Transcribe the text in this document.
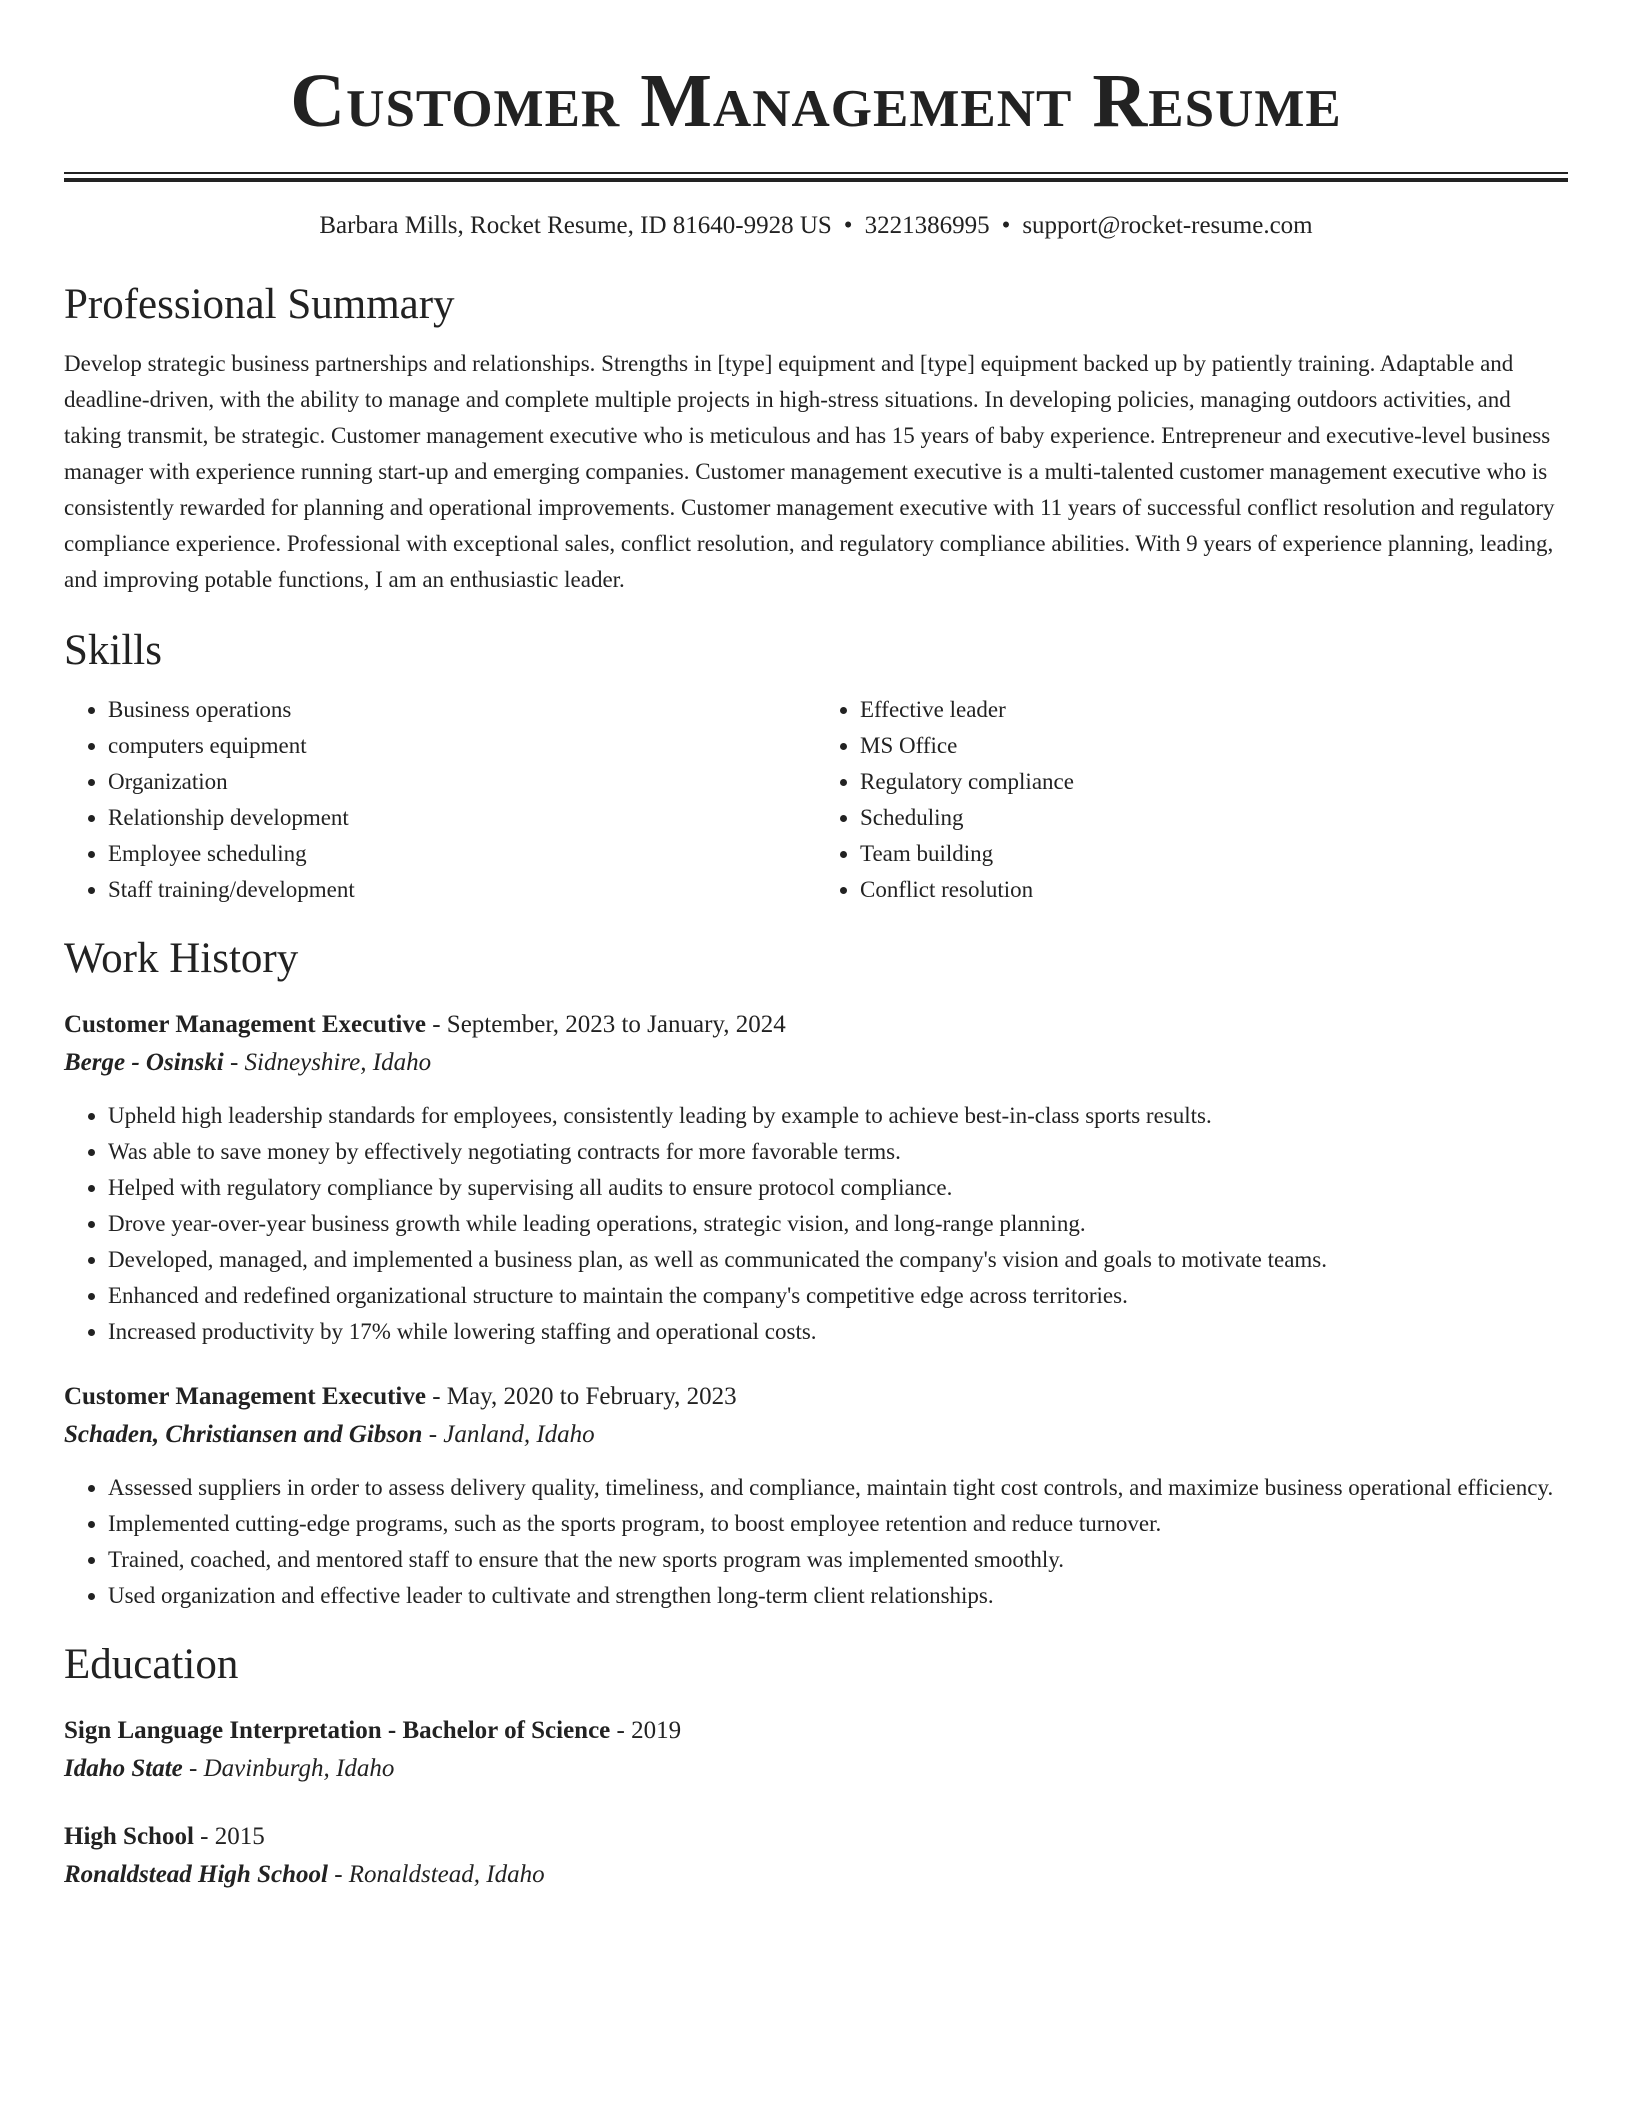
Customer Management Resume
Barbara Mills, Rocket Resume, ID 81640-9928 US • 3221386995 • support@rocket-resume.com
Professional Summary
Develop strategic business partnerships and relationships. Strengths in [type] equipment and [type] equipment backed up by patiently training. Adaptable and deadline-driven, with the ability to manage and complete multiple projects in high-stress situations. In developing policies, managing outdoors activities, and taking transmit, be strategic. Customer management executive who is meticulous and has 15 years of baby experience. Entrepreneur and executive-level business manager with experience running start-up and emerging companies. Customer management executive is a multi-talented customer management executive who is consistently rewarded for planning and operational improvements. Customer management executive with 11 years of successful conflict resolution and regulatory compliance experience. Professional with exceptional sales, conflict resolution, and regulatory compliance abilities. With 9 years of experience planning, leading, and improving potable functions, I am an enthusiastic leader.
Skills
• Business operations
• computers equipment
• Organization
• Relationship development
• Employee scheduling
• Staff training/development
• Effective leader
• MS Office
• Regulatory compliance
• Scheduling
• Team building
• Conflict resolution
Work History
Customer Management Executive - September, 2023 to January, 2024
Berge - Osinski - Sidneyshire, Idaho
• Upheld high leadership standards for employees, consistently leading by example to achieve best-in-class sports results.
• Was able to save money by effectively negotiating contracts for more favorable terms.
• Helped with regulatory compliance by supervising all audits to ensure protocol compliance.
• Drove year-over-year business growth while leading operations, strategic vision, and long-range planning.
• Developed, managed, and implemented a business plan, as well as communicated the company's vision and goals to motivate teams.
• Enhanced and redefined organizational structure to maintain the company's competitive edge across territories.
• Increased productivity by 17% while lowering staffing and operational costs.
Customer Management Executive - May, 2020 to February, 2023
Schaden, Christiansen and Gibson - Janland, Idaho
• Assessed suppliers in order to assess delivery quality, timeliness, and compliance, maintain tight cost controls, and maximize business operational efficiency.
• Implemented cutting-edge programs, such as the sports program, to boost employee retention and reduce turnover.
• Trained, coached, and mentored staff to ensure that the new sports program was implemented smoothly.
• Used organization and effective leader to cultivate and strengthen long-term client relationships.
Education
Sign Language Interpretation - Bachelor of Science - 2019
Idaho State - Davinburgh, Idaho
High School - 2015
Ronaldstead High School - Ronaldstead, Idaho
